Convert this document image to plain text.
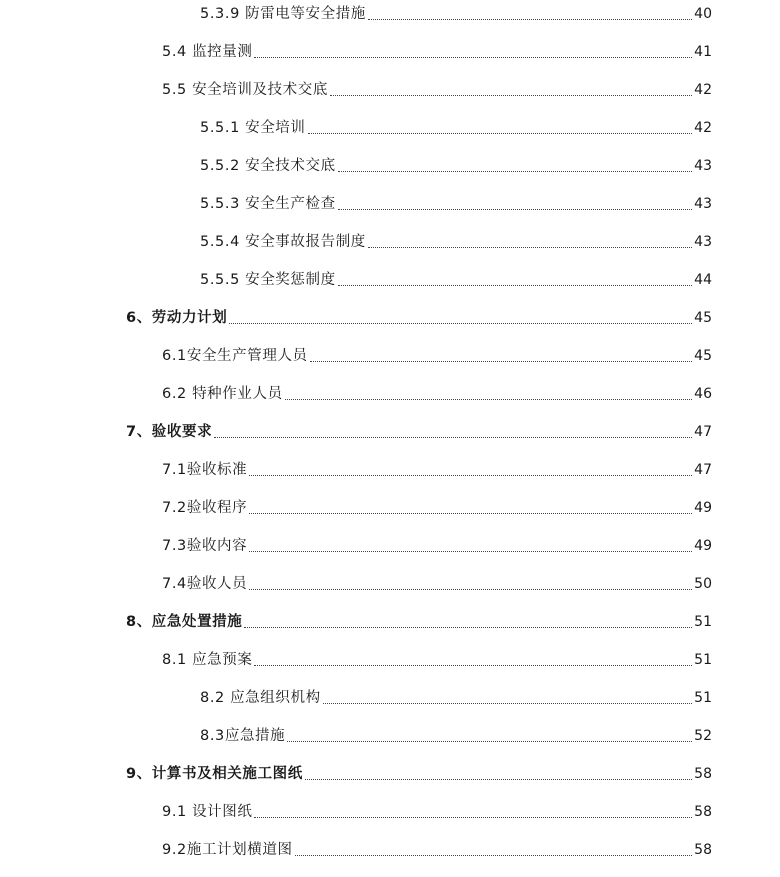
5.3.9 防雷电等安全措施	40
5.4 监控量测	41
5.5 安全培训及技术交底	42
5.5.1 安全培训	42
5.5.2 安全技术交底	43
5.5.3 安全生产检查	43
5.5.4 安全事故报告制度	43
5.5.5 安全奖惩制度	44
6、劳动力计划	45
6.1安全生产管理人员	45
6.2 特种作业人员	46
7、验收要求	47
7.1验收标准	47
7.2验收程序	49
7.3验收内容	49
7.4验收人员	50
8、应急处置措施	51
8.1 应急预案	51
8.2 应急组织机构	51
8.3应急措施	52
9、计算书及相关施工图纸	58
9.1 设计图纸	58
9.2施工计划横道图	58
